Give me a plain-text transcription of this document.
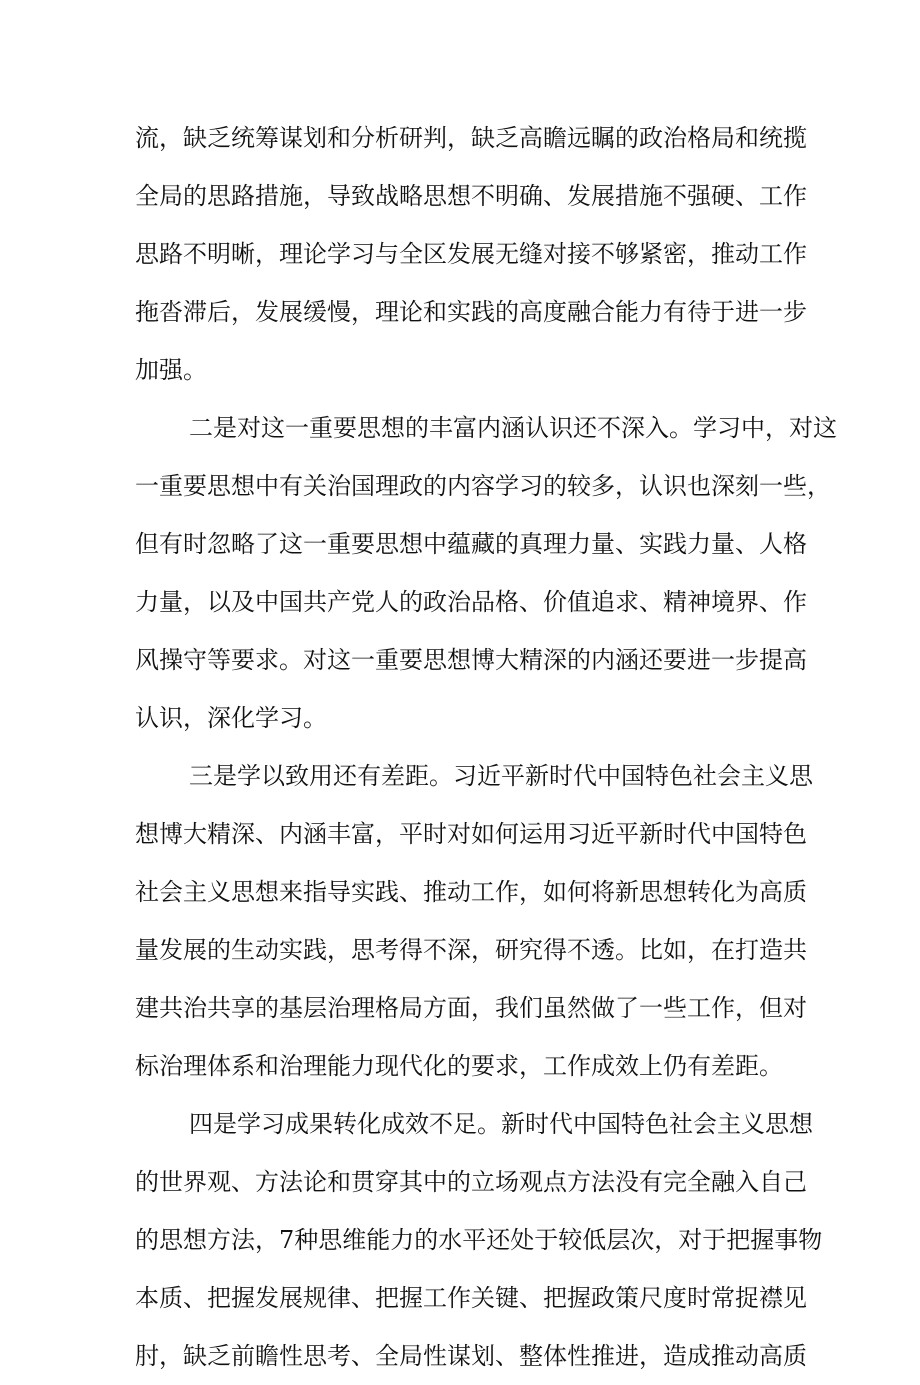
流，缺乏统筹谋划和分析研判，缺乏高瞻远瞩的政治格局和统揽
全局的思路措施，导致战略思想不明确、发展措施不强硬、工作
思路不明晰，理论学习与全区发展无缝对接不够紧密，推动工作
拖沓滞后，发展缓慢，理论和实践的高度融合能力有待于进一步
加强。
二是对这一重要思想的丰富内涵认识还不深入。学习中，对这
一重要思想中有关治国理政的内容学习的较多，认识也深刻一些，
但有时忽略了这一重要思想中蕴藏的真理力量、实践力量、人格
力量，以及中国共产党人的政治品格、价值追求、精神境界、作
风操守等要求。对这一重要思想博大精深的内涵还要进一步提高
认识，深化学习。
三是学以致用还有差距。习近平新时代中国特色社会主义思
想博大精深、内涵丰富，平时对如何运用习近平新时代中国特色
社会主义思想来指导实践、推动工作，如何将新思想转化为高质
量发展的生动实践，思考得不深，研究得不透。比如，在打造共
建共治共享的基层治理格局方面，我们虽然做了一些工作，但对
标治理体系和治理能力现代化的要求，工作成效上仍有差距。
四是学习成果转化成效不足。新时代中国特色社会主义思想
的世界观、方法论和贯穿其中的立场观点方法没有完全融入自己
的思想方法，7种思维能力的水平还处于较低层次，对于把握事物
本质、把握发展规律、把握工作关键、把握政策尺度时常捉襟见
肘，缺乏前瞻性思考、全局性谋划、整体性推进，造成推动高质
